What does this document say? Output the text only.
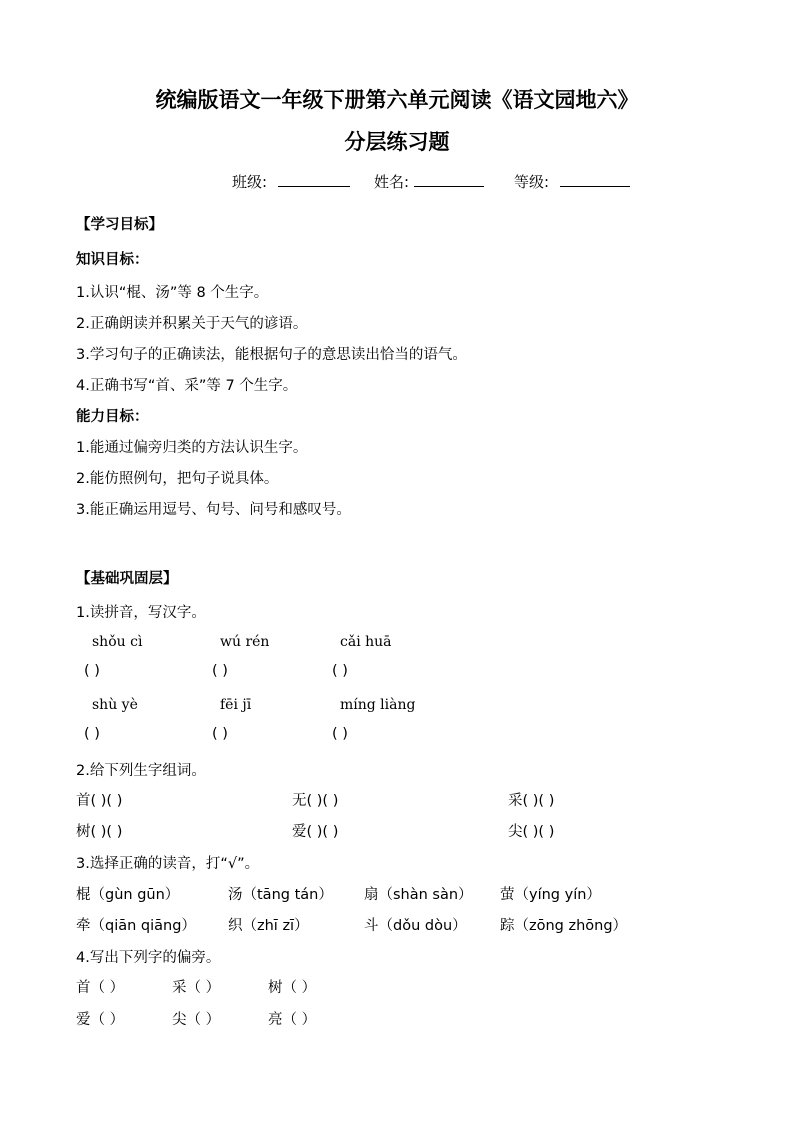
统编版语文一年级下册第六单元阅读《语文园地六》
分层练习题
班级:	姓名:	等级:
【学习目标】
知识目标：
1.认识“棍、汤”等 8 个生字。
2.正确朗读并积累关于天气的谚语。
3.学习句子的正确读法，能根据句子的意思读出恰当的语气。
4.正确书写“首、采”等 7 个生字。
能力目标：
1.能通过偏旁归类的方法认识生字。
2.能仿照例句，把句子说具体。
3.能正确运用逗号、句号、问号和感叹号。
【基础巩固层】
1.读拼音，写汉字。
shǒu cì	wú rén	cǎi huā
( )	( )	( )
shù yè	fēi jī	míng liàng
( )	( )	( )
2.给下列生字组词。
首( )( )	无( )( )	采( )( )
树( )( )	爱( )( )	尖( )( )
3.选择正确的读音，打“√”。
棍（gùn gūn）	汤（tāng tán） 扇（shàn sàn） 萤（yíng yín）
牵（qiān qiāng） 织（zhī zī）	斗（dǒu dòu） 踪（zōng zhōng）
4.写出下列字的偏旁。
首（ ）	采（ ）	树（ ）
爱（ ）	尖（ ）	亮（ ）
